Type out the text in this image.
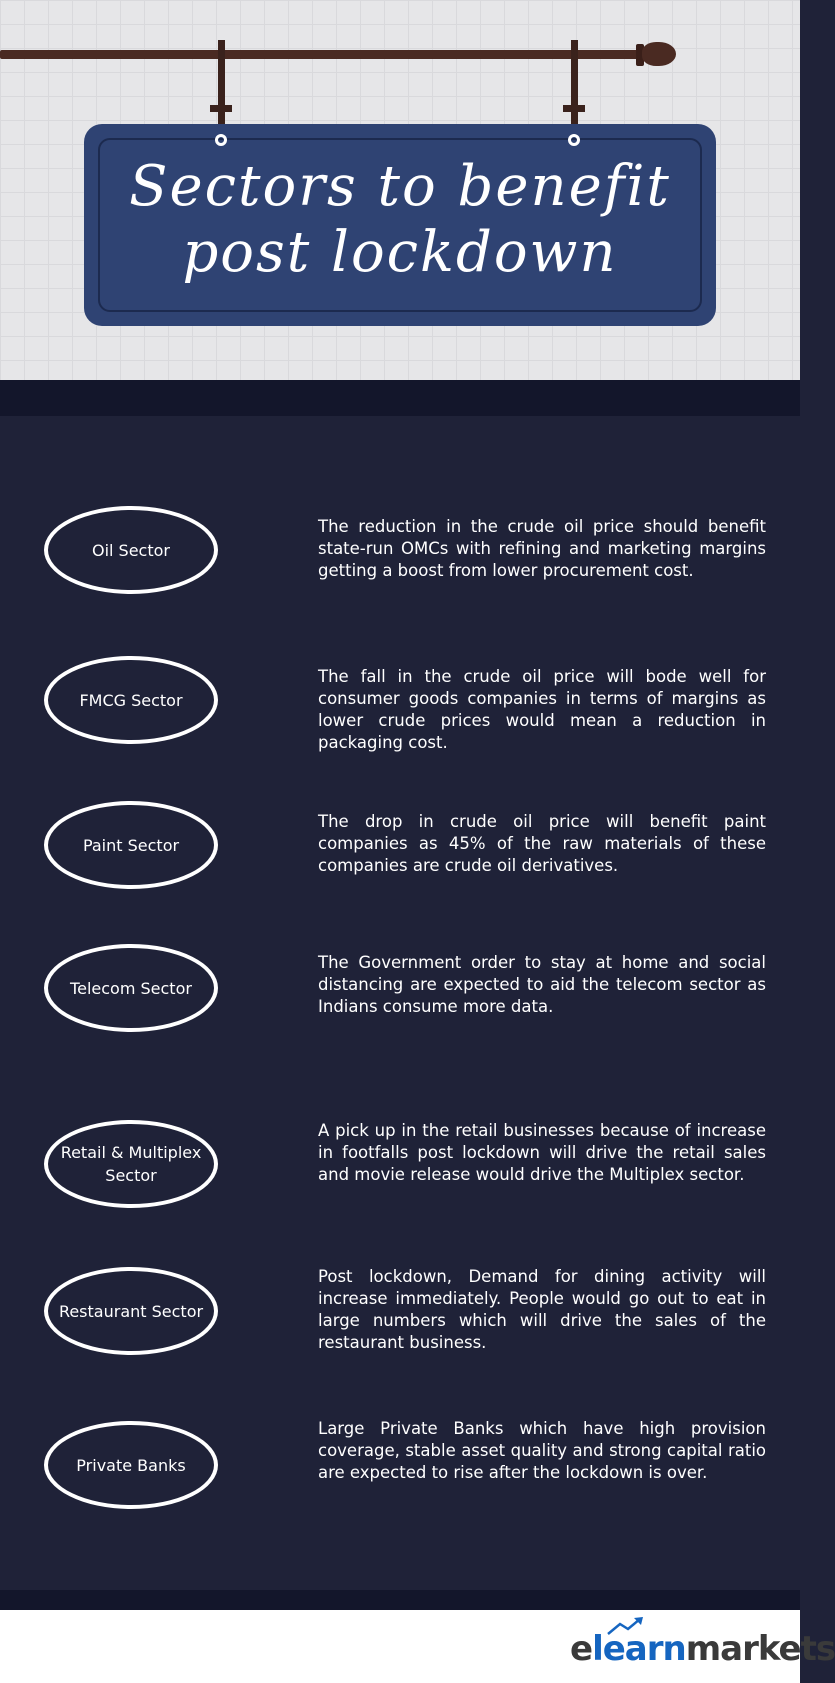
Sectors to benefit
post lockdown
Oil Sector
The reduction in the crude oil price should benefit state-run OMCs with refining and marketing margins getting a boost from lower procurement cost.
FMCG Sector
The fall in the crude oil price will bode well for consumer goods companies in terms of margins as lower crude prices would mean a reduction in packaging cost.
Paint Sector
The drop in crude oil price will benefit paint companies as 45% of the raw materials of these companies are crude oil derivatives.
Telecom Sector
The Government order to stay at home and social distancing are expected to aid the telecom sector as Indians consume more data.
Retail & Multiplex Sector
A pick up in the retail businesses because of increase in footfalls post lockdown will drive the retail sales and movie release would drive the Multiplex sector.
Restaurant Sector
Post lockdown, Demand for dining activity will increase immediately. People would go out to eat in large numbers which will drive the sales of the restaurant business.
Private Banks
Large Private Banks which have high provision coverage, stable asset quality and strong capital ratio are expected to rise after the lockdown is over.
elearnmarkets
